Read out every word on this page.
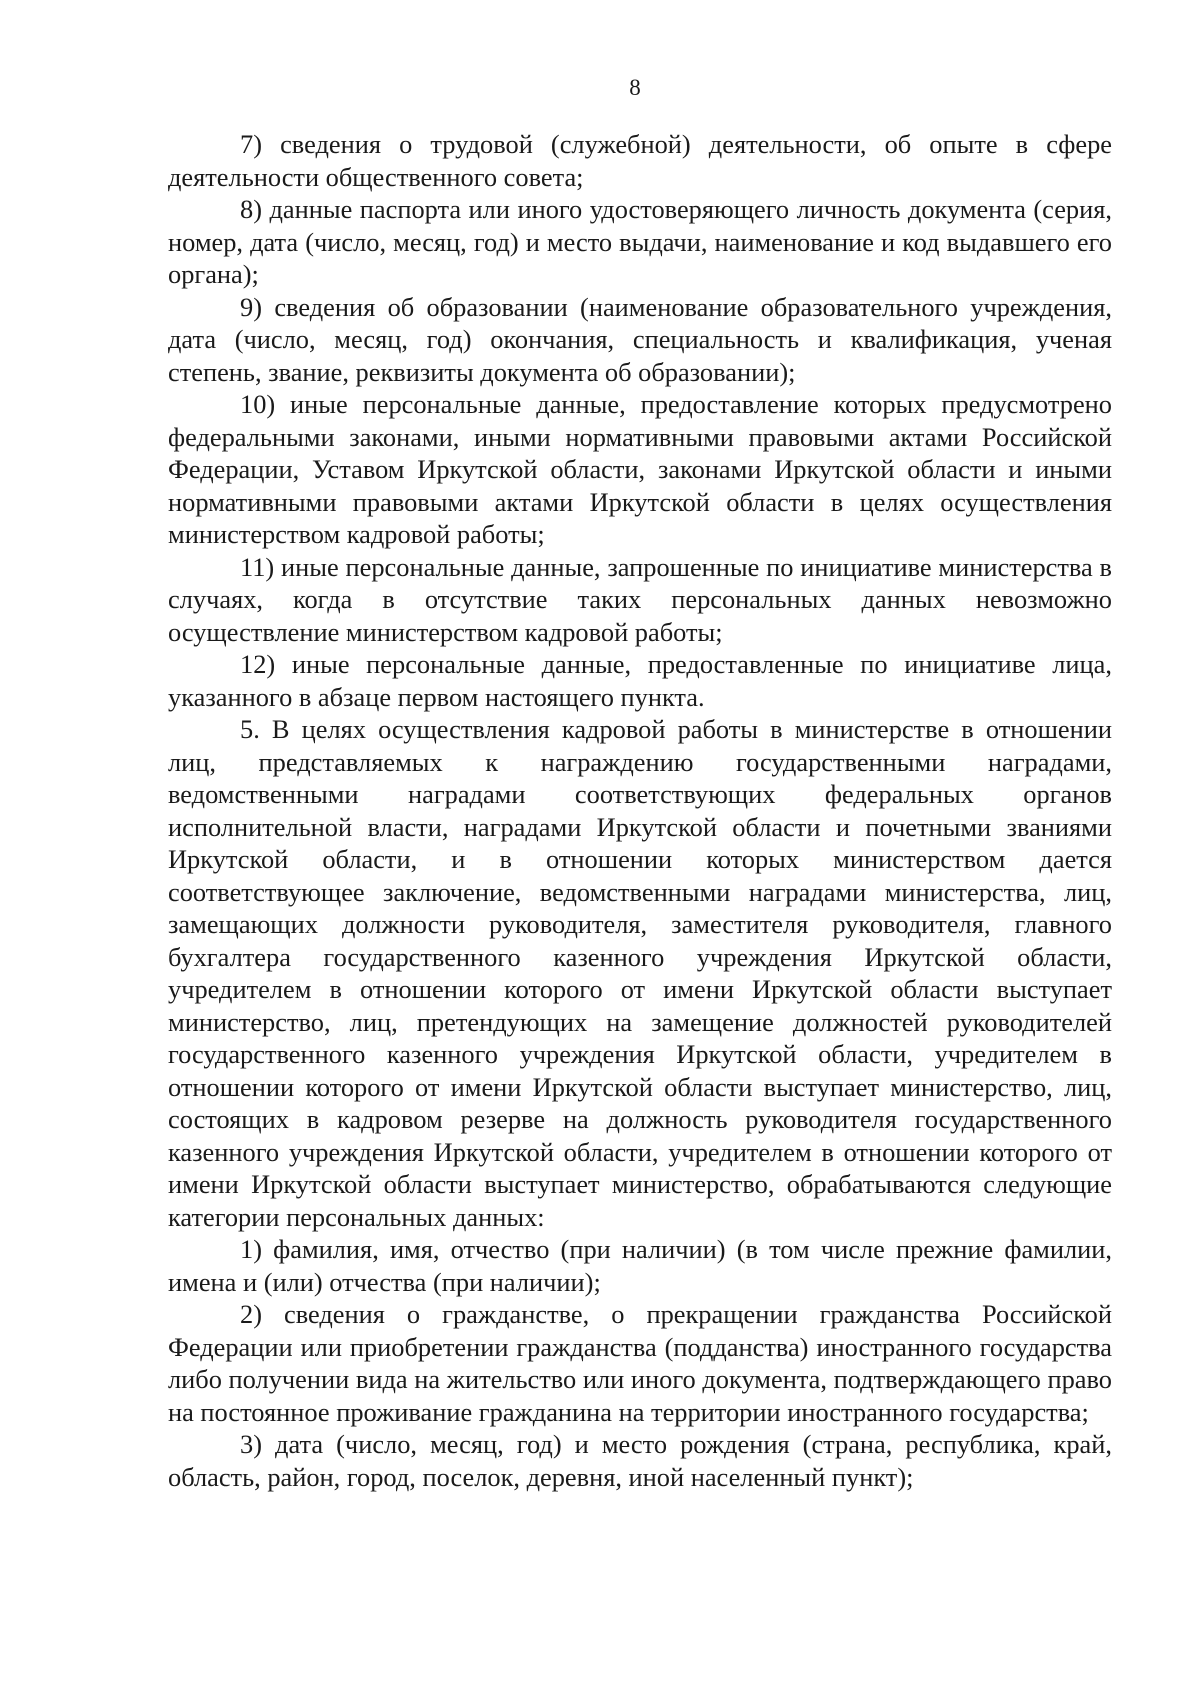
8

7) сведения о трудовой (служебной) деятельности, об опыте в сфере деятельности общественного совета;

8) данные паспорта или иного удостоверяющего личность документа (серия, номер, дата (число, месяц, год) и место выдачи, наименование и код выдавшего его органа);

9) сведения об образовании (наименование образовательного учреждения, дата (число, месяц, год) окончания, специальность и квалификация, ученая степень, звание, реквизиты документа об образовании);

10) иные персональные данные, предоставление которых предусмотрено федеральными законами, иными нормативными правовыми актами Российской Федерации, Уставом Иркутской области, законами Иркутской области и иными нормативными правовыми актами Иркутской области в целях осуществления министерством кадровой работы;

11) иные персональные данные, запрошенные по инициативе министерства в случаях, когда в отсутствие таких персональных данных невозможно осуществление министерством кадровой работы;

12) иные персональные данные, предоставленные по инициативе лица, указанного в абзаце первом настоящего пункта.

5. В целях осуществления кадровой работы в министерстве в отношении лиц, представляемых к награждению государственными наградами, ведомственными наградами соответствующих федеральных органов исполнительной власти, наградами Иркутской области и почетными званиями Иркутской области, и в отношении которых министерством дается соответствующее заключение, ведомственными наградами министерства, лиц, замещающих должности руководителя, заместителя руководителя, главного бухгалтера государственного казенного учреждения Иркутской области, учредителем в отношении которого от имени Иркутской области выступает министерство, лиц, претендующих на замещение должностей руководителей государственного казенного учреждения Иркутской области, учредителем в отношении которого от имени Иркутской области выступает министерство, лиц, состоящих в кадровом резерве на должность руководителя государственного казенного учреждения Иркутской области, учредителем в отношении которого от имени Иркутской области выступает министерство, обрабатываются следующие категории персональных данных:

1) фамилия, имя, отчество (при наличии) (в том числе прежние фамилии, имена и (или) отчества (при наличии);

2) сведения о гражданстве, о прекращении гражданства Российской Федерации или приобретении гражданства (подданства) иностранного государства либо получении вида на жительство или иного документа, подтверждающего право на постоянное проживание гражданина на территории иностранного государства;

3) дата (число, месяц, год) и место рождения (страна, республика, край, область, район, город, поселок, деревня, иной населенный пункт);
